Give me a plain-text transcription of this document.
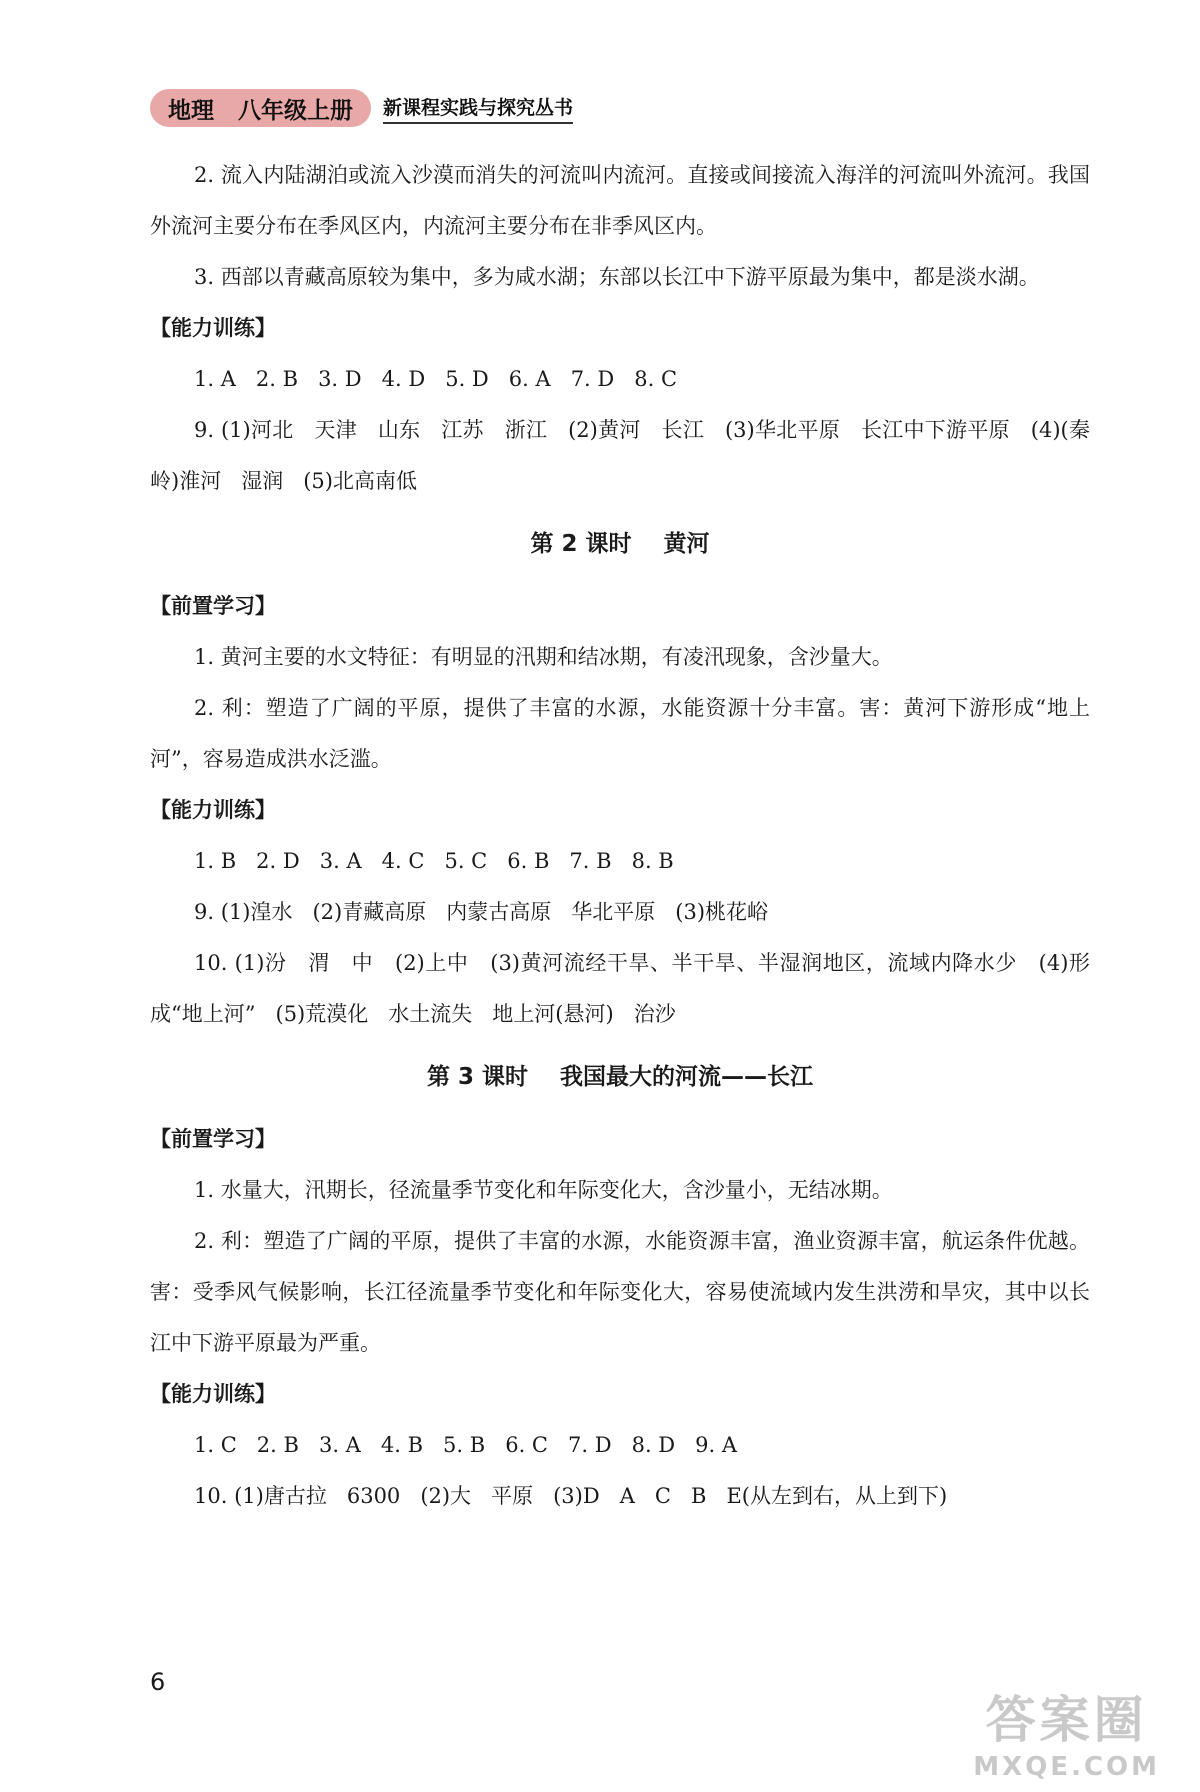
地理 八年级上册 新课程实践与探究丛书

2. 流入内陆湖泊或流入沙漠而消失的河流叫内流河。直接或间接流入海洋的河流叫外流河。我国外流河主要分布在季风区内，内流河主要分布在非季风区内。

3. 西部以青藏高原较为集中，多为咸水湖；东部以长江中下游平原最为集中，都是淡水湖。

【能力训练】

1. A   2. B   3. D   4. D   5. D   6. A   7. D   8. C

9. (1)河北   天津   山东   江苏   浙江   (2)黄河   长江   (3)华北平原   长江中下游平原   (4)(秦岭)淮河   湿润   (5)北高南低

第 2 课时    黄河

【前置学习】

1. 黄河主要的水文特征：有明显的汛期和结冰期，有凌汛现象，含沙量大。

2. 利：塑造了广阔的平原，提供了丰富的水源，水能资源十分丰富。害：黄河下游形成“地上河”，容易造成洪水泛滥。

【能力训练】

1. B   2. D   3. A   4. C   5. C   6. B   7. B   8. B

9. (1)湟水   (2)青藏高原   内蒙古高原   华北平原   (3)桃花峪

10. (1)汾   渭   中   (2)上中   (3)黄河流经干旱、半干旱、半湿润地区，流域内降水少   (4)形成“地上河”   (5)荒漠化   水土流失   地上河(悬河)   治沙

第 3 课时    我国最大的河流——长江

【前置学习】

1. 水量大，汛期长，径流量季节变化和年际变化大，含沙量小，无结冰期。

2. 利：塑造了广阔的平原，提供了丰富的水源，水能资源丰富，渔业资源丰富，航运条件优越。害：受季风气候影响，长江径流量季节变化和年际变化大，容易使流域内发生洪涝和旱灾，其中以长江中下游平原最为严重。

【能力训练】

1. C   2. B   3. A   4. B   5. B   6. C   7. D   8. D   9. A

10. (1)唐古拉   6300   (2)大   平原   (3)D   A   C   B   E(从左到右，从上到下)

6
答案圈
MXQE.COM
